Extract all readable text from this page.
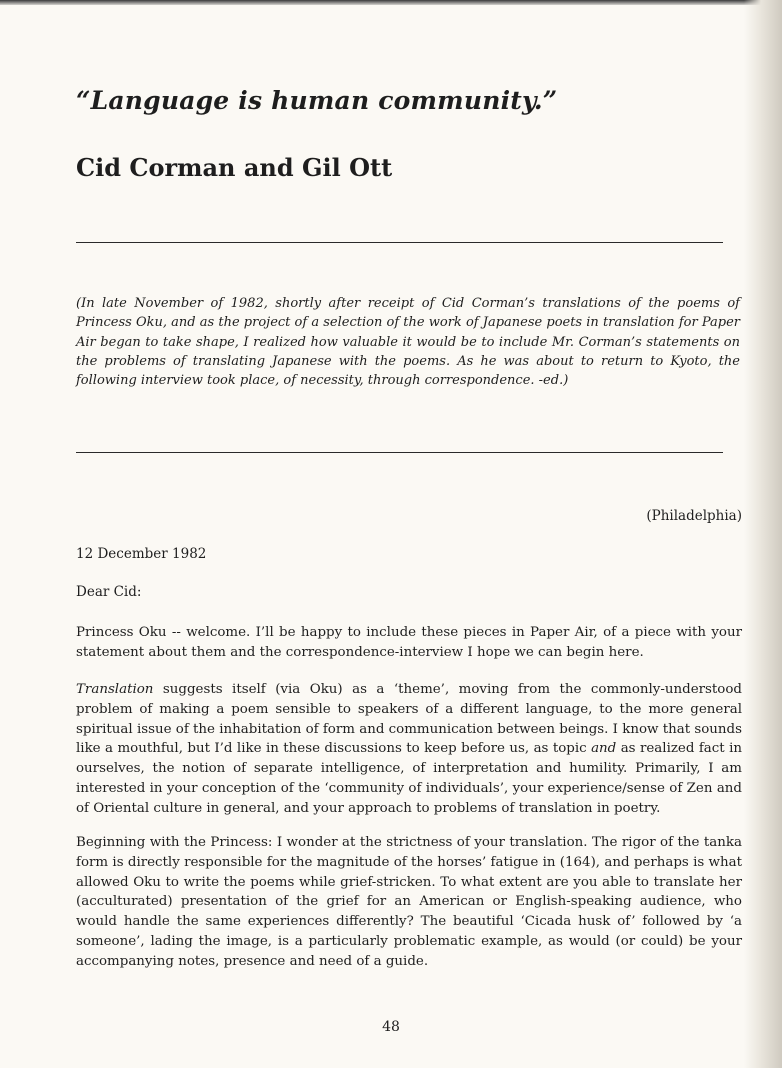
“Language is human community.”
Cid Corman and Gil Ott
(In late November of 1982, shortly after receipt of Cid Corman’s translations of the poems of Princess Oku, and as the project of a selection of the work of Japanese poets in translation for Paper Air began to take shape, I realized how valuable it would be to include Mr. Corman’s statements on the problems of translating Japanese with the poems. As he was about to return to Kyoto, the following interview took place, of necessity, through correspondence. -ed.)
(Philadelphia)
12 December 1982
Dear Cid:

Princess Oku -- welcome. I’ll be happy to include these pieces in Paper Air, of a piece with your statement about them and the correspondence-interview I hope we can begin here.

Translation suggests itself (via Oku) as a ‘theme’, moving from the commonly-understood problem of making a poem sensible to speakers of a different language, to the more general spiritual issue of the inhabitation of form and communication between beings. I know that sounds like a mouthful, but I’d like in these discussions to keep before us, as topic and as realized fact in ourselves, the notion of separate intelligence, of interpretation and humility. Primarily, I am interested in your conception of the ‘community of individuals’, your experience/sense of Zen and of Oriental culture in general, and your approach to problems of translation in poetry.

Beginning with the Princess: I wonder at the strictness of your translation. The rigor of the tanka form is directly responsible for the magnitude of the horses’ fatigue in (164), and perhaps is what allowed Oku to write the poems while grief-stricken. To what extent are you able to translate her (acculturated) presentation of the grief for an American or English-speaking audience, who would handle the same experiences differently? The beautiful ‘Cicada husk of’ followed by ‘a someone’, lading the image, is a particularly problematic example, as would (or could) be your accompanying notes, presence and need of a guide.

48
